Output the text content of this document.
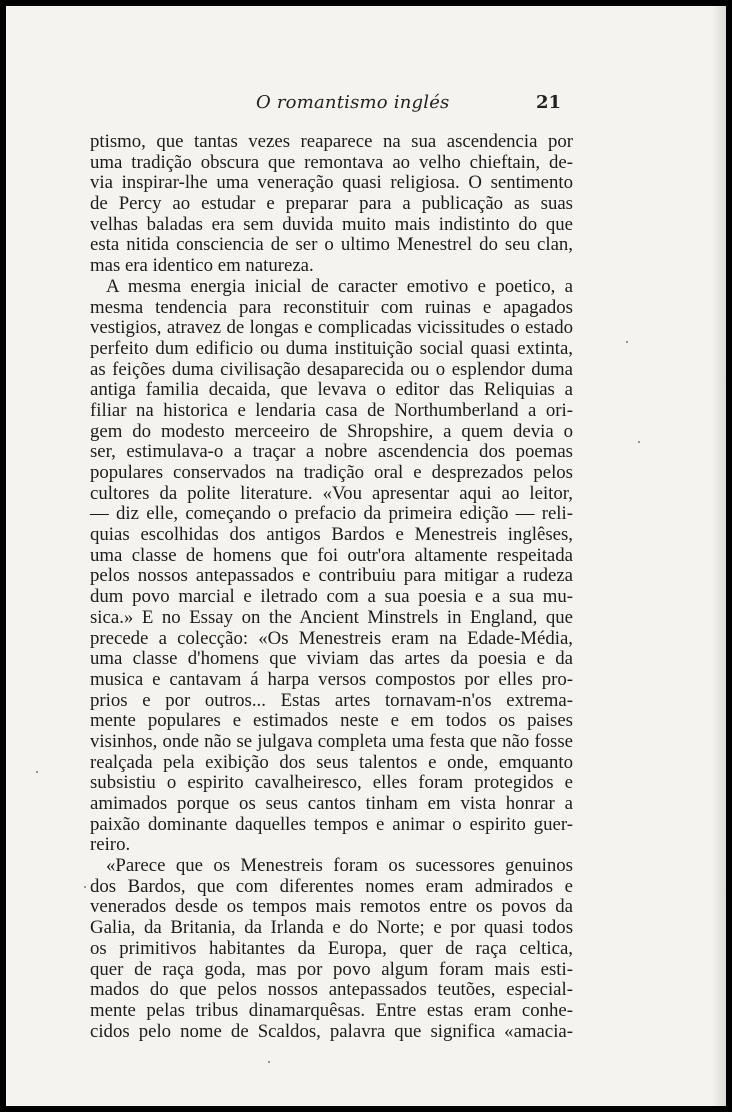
O romantismo inglés	21
ptismo, que tantas vezes reaparece na sua ascendencia por
uma tradição obscura que remontava ao velho chieftain, de-
via inspirar-lhe uma veneração quasi religiosa. O sentimento
de Percy ao estudar e preparar para a publicação as suas
velhas baladas era sem duvida muito mais indistinto do que
esta nitida consciencia de ser o ultimo Menestrel do seu clan,
mas era identico em natureza.
A mesma energia inicial de caracter emotivo e poetico, a
mesma tendencia para reconstituir com ruinas e apagados
vestigios, atravez de longas e complicadas vicissitudes o estado
perfeito dum edificio ou duma instituição social quasi extinta,
as feições duma civilisação desaparecida ou o esplendor duma
antiga familia decaida, que levava o editor das Reliquias a
filiar na historica e lendaria casa de Northumberland a ori-
gem do modesto merceeiro de Shropshire, a quem devia o
ser, estimulava-o a traçar a nobre ascendencia dos poemas
populares conservados na tradição oral e desprezados pelos
cultores da polite literature. «Vou apresentar aqui ao leitor,
— diz elle, começando o prefacio da primeira edição — reli-
quias escolhidas dos antigos Bardos e Menestreis inglêses,
uma classe de homens que foi outr'ora altamente respeitada
pelos nossos antepassados e contribuiu para mitigar a rudeza
dum povo marcial e iletrado com a sua poesia e a sua mu-
sica.» E no Essay on the Ancient Minstrels in England, que
precede a colecção: «Os Menestreis eram na Edade-Média,
uma classe d'homens que viviam das artes da poesia e da
musica e cantavam á harpa versos compostos por elles pro-
prios e por outros... Estas artes tornavam-n'os extrema-
mente populares e estimados neste e em todos os paises
visinhos, onde não se julgava completa uma festa que não fosse
realçada pela exibição dos seus talentos e onde, emquanto
subsistiu o espirito cavalheiresco, elles foram protegidos e
amimados porque os seus cantos tinham em vista honrar a
paixão dominante daquelles tempos e animar o espirito guer-
reiro.
«Parece que os Menestreis foram os sucessores genuinos
dos Bardos, que com diferentes nomes eram admirados e
venerados desde os tempos mais remotos entre os povos da
Galia, da Britania, da Irlanda e do Norte; e por quasi todos
os primitivos habitantes da Europa, quer de raça celtica,
quer de raça goda, mas por povo algum foram mais esti-
mados do que pelos nossos antepassados teutões, especial-
mente pelas tribus dinamarquêsas. Entre estas eram conhe-
cidos pelo nome de Scaldos, palavra que significa «amacia-
